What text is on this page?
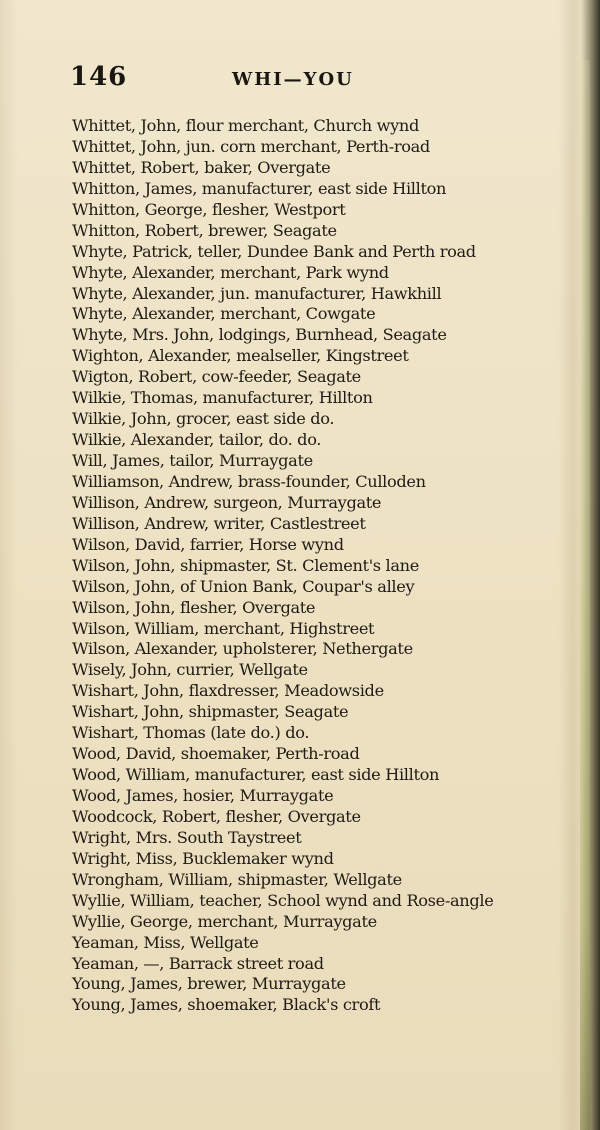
146	WHI—YOU
Whittet, John, flour merchant, Church wynd
Whittet, John, jun. corn merchant, Perth-road
Whittet, Robert, baker, Overgate
Whitton, James, manufacturer, east side Hillton
Whitton, George, flesher, Westport
Whitton, Robert, brewer, Seagate
Whyte, Patrick, teller, Dundee Bank and Perth road
Whyte, Alexander, merchant, Park wynd
Whyte, Alexander, jun. manufacturer, Hawkhill
Whyte, Alexander, merchant, Cowgate
Whyte, Mrs. John, lodgings, Burnhead, Seagate
Wighton, Alexander, mealseller, Kingstreet
Wigton, Robert, cow-feeder, Seagate
Wilkie, Thomas, manufacturer, Hillton
Wilkie, John, grocer, east side do.
Wilkie, Alexander, tailor, do. do.
Will, James, tailor, Murraygate
Williamson, Andrew, brass-founder, Culloden
Willison, Andrew, surgeon, Murraygate
Willison, Andrew, writer, Castlestreet
Wilson, David, farrier, Horse wynd
Wilson, John, shipmaster, St. Clement's lane
Wilson, John, of Union Bank, Coupar's alley
Wilson, John, flesher, Overgate
Wilson, William, merchant, Highstreet
Wilson, Alexander, upholsterer, Nethergate
Wisely, John, currier, Wellgate
Wishart, John, flaxdresser, Meadowside
Wishart, John, shipmaster, Seagate
Wishart, Thomas (late do.) do.
Wood, David, shoemaker, Perth-road
Wood, William, manufacturer, east side Hillton
Wood, James, hosier, Murraygate
Woodcock, Robert, flesher, Overgate
Wright, Mrs. South Taystreet
Wright, Miss, Bucklemaker wynd
Wrongham, William, shipmaster, Wellgate
Wyllie, William, teacher, School wynd and Rose-angle
Wyllie, George, merchant, Murraygate
Yeaman, Miss, Wellgate
Yeaman, —, Barrack street road
Young, James, brewer, Murraygate
Young, James, shoemaker, Black's croft
